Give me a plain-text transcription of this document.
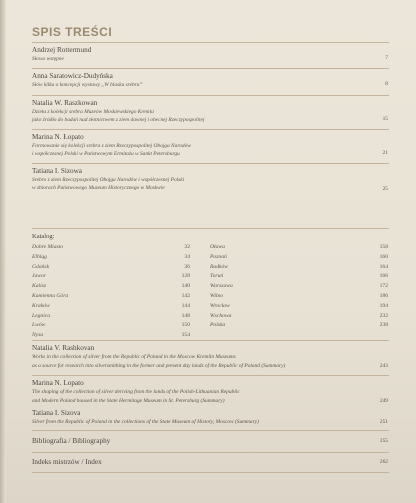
SPIS TREŚCI
Andrzej Rottermund
Słowo wstępne	7
Anna Saratowicz-Dudyńska
Słów kilka o koncepcji wystawy „W blasku srebra”	8
Natalia W. Raszkowan
Dzieła z kolekcji srebra Muzeów Moskiewskiego Kremla
jako źródło do badań nad złotnictwem z ziem dawnej i obecnej Rzeczypospolitej	15
Marina N. Łopato
Formowanie się kolekcji srebra z ziem Rzeczypospolitej Obojga Narodów
i współczesnej Polski w Państwowym Ermitażu w Sankt Petersburgu	21
Tatiana I. Sizowa
Srebro z ziem Rzeczypospolitej Obojga Narodów i współczesnej Polski
w zbiorach Państwowego Muzeum Historycznego w Moskwie	25
Katalog:
Dobre Miasto	32
Elbląg	34
Gdańsk	36
Jawor	128
Kalisz	140
Kamienna Góra	142
Kraków	144
Legnica	148
Lwów	150
Nysa	154
Oława	158
Poznań	160
Radków	164
Toruń	166
Warszawa	172
Wilno	186
Wrocław	194
Wschowa	232
Polska	238
Natalia V. Rashkovan
Works in the collection of silver from the Republic of Poland in the Moscow Kremlin Museums
as a source for research into silversmithing in the former and present day lands of the Republic of Poland (Summary)	243
Marina N. Lopato
The shaping of the collection of silver deriving from the lands of the Polish-Lithuanian Republic
and Modern Poland housed in the State Hermitage Museum in St. Petersburg (Summary)	249
Tatiana I. Sizova
Silver from the Republic of Poland in the collections of the State Museum of History, Moscow (Summary)	251
Bibliografia / Bibliography	255
Indeks mistrzów / Index	262
